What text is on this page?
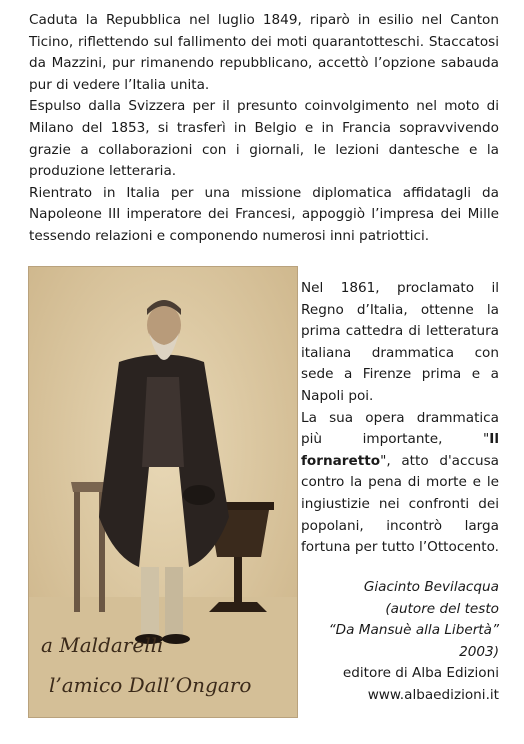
Caduta la Repubblica nel luglio 1849, riparò in esilio nel Canton Ticino, riflettendo sul fallimento dei moti quarantotteschi. Staccatosi da Mazzini, pur rimanendo repubblicano, accettò l’opzione sabauda pur di vedere l’Italia unita.

Espulso dalla Svizzera per il presunto coinvolgimento nel moto di Milano del 1853, si trasferì in Belgio e in Francia sopravvivendo grazie a collaborazioni con i giornali, le lezioni dantesche e la produzione letteraria.

Rientrato in Italia per una missione diplomatica affidatagli da Napoleone III imperatore dei Francesi, appoggiò l’impresa dei Mille tessendo relazioni e componendo numerosi inni patriottici.

a Maldarelli
l’amico Dall’Ongaro

Nel 1861, proclamato il Regno d’Italia, ottenne la prima cattedra di letteratura italiana drammatica con sede a Firenze prima e a Napoli poi.

La sua opera drammatica più importante, "Il fornaretto", atto d'accusa contro la pena di morte e le ingiustizie nei confronti dei popolani, incontrò larga fortuna per tutto l’Ottocento.

Giacinto Bevilacqua
(autore del testo
“Da Mansuè alla Libertà”
2003)
editore di Alba Edizioni
www.albaedizioni.it
